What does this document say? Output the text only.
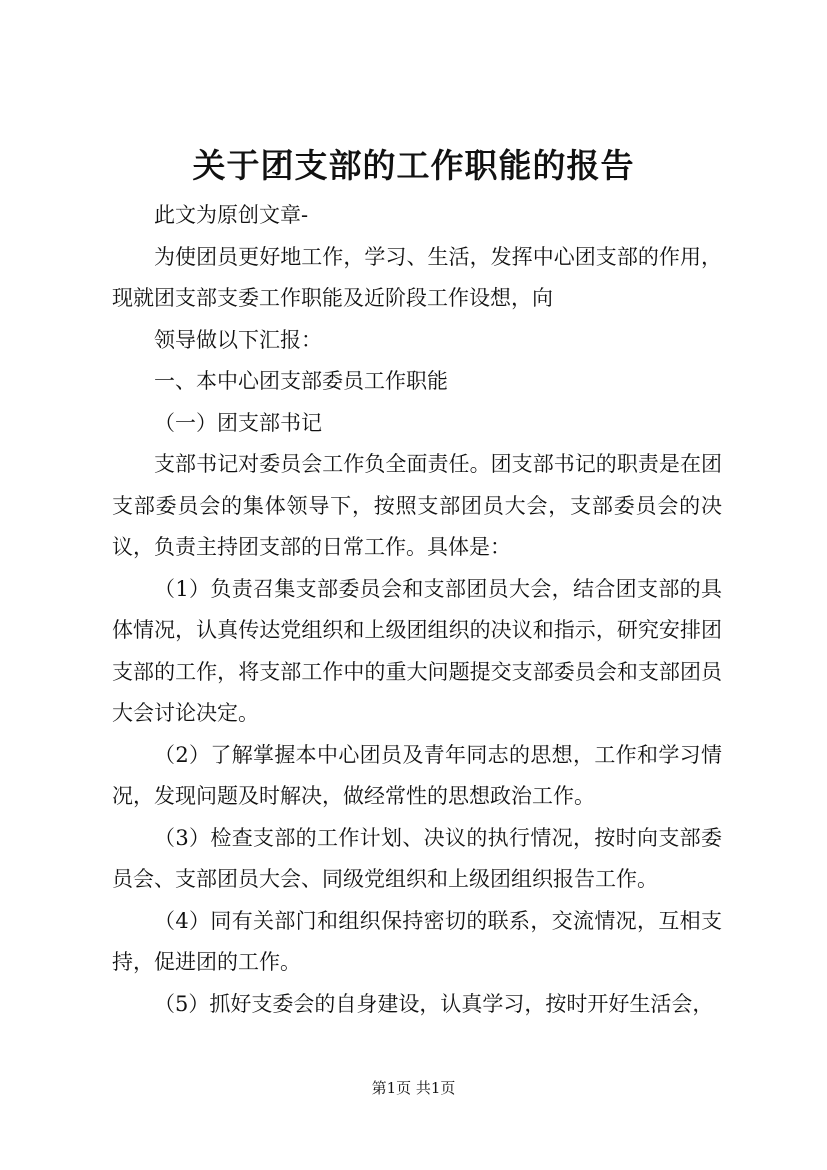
关于团支部的工作职能的报告

此文为原创文章-

为使团员更好地工作，学习、生活，发挥中心团支部的作用，现就团支部支委工作职能及近阶段工作设想，向

领导做以下汇报：

一、本中心团支部委员工作职能

（一）团支部书记

支部书记对委员会工作负全面责任。团支部书记的职责是在团支部委员会的集体领导下，按照支部团员大会，支部委员会的决议，负责主持团支部的日常工作。具体是：

（1）负责召集支部委员会和支部团员大会，结合团支部的具体情况，认真传达党组织和上级团组织的决议和指示，研究安排团支部的工作，将支部工作中的重大问题提交支部委员会和支部团员大会讨论决定。

（2）了解掌握本中心团员及青年同志的思想，工作和学习情况，发现问题及时解决，做经常性的思想政治工作。

（3）检查支部的工作计划、决议的执行情况，按时向支部委员会、支部团员大会、同级党组织和上级团组织报告工作。

（4）同有关部门和组织保持密切的联系，交流情况，互相支持，促进团的工作。

（5）抓好支委会的自身建设，认真学习，按时开好生活会，

第1页 共1页
